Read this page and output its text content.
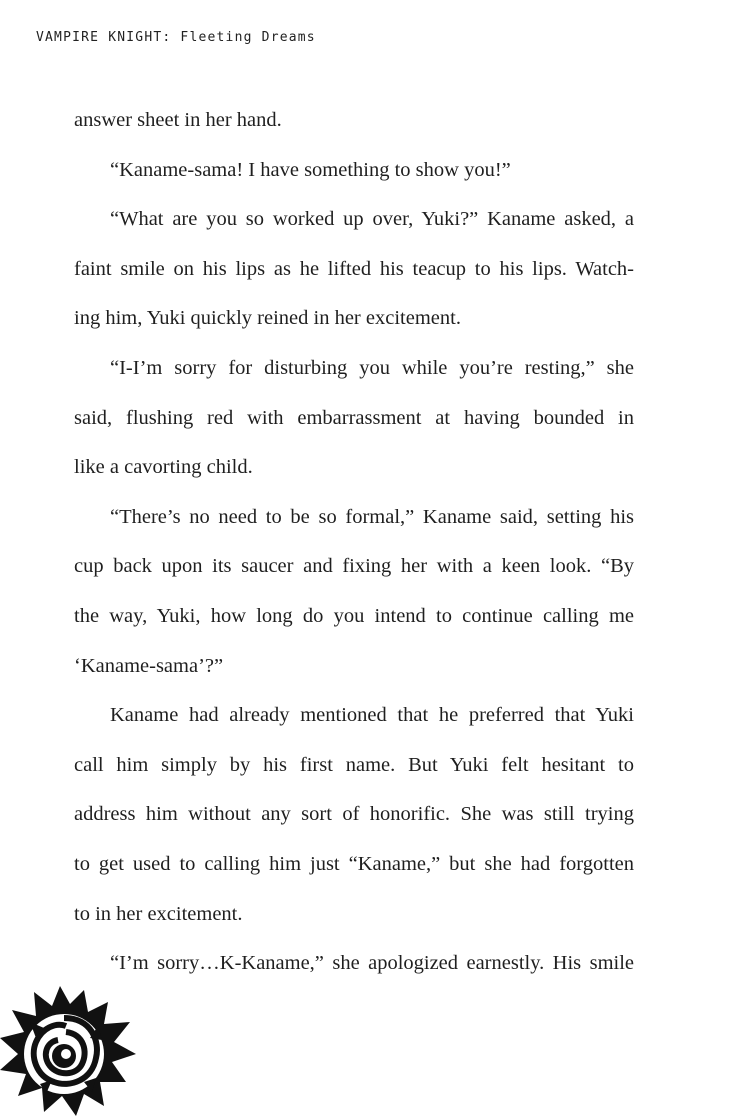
VAMPIRE KNIGHT: Fleeting Dreams
answer sheet in her hand.
“Kaname-sama! I have something to show you!”
“What are you so worked up over, Yuki?” Kaname asked, a
faint smile on his lips as he lifted his teacup to his lips. Watch-
ing him, Yuki quickly reined in her excitement.
“I-I’m sorry for disturbing you while you’re resting,” she
said, flushing red with embarrassment at having bounded in
like a cavorting child.
“There’s no need to be so formal,” Kaname said, setting his
cup back upon its saucer and fixing her with a keen look. “By
the way, Yuki, how long do you intend to continue calling me
‘Kaname-sama’?”
Kaname had already mentioned that he preferred that Yuki
call him simply by his first name. But Yuki felt hesitant to
address him without any sort of honorific. She was still trying
to get used to calling him just “Kaname,” but she had forgotten
to in her excitement.
“I’m sorry…K-Kaname,” she apologized earnestly. His smile
